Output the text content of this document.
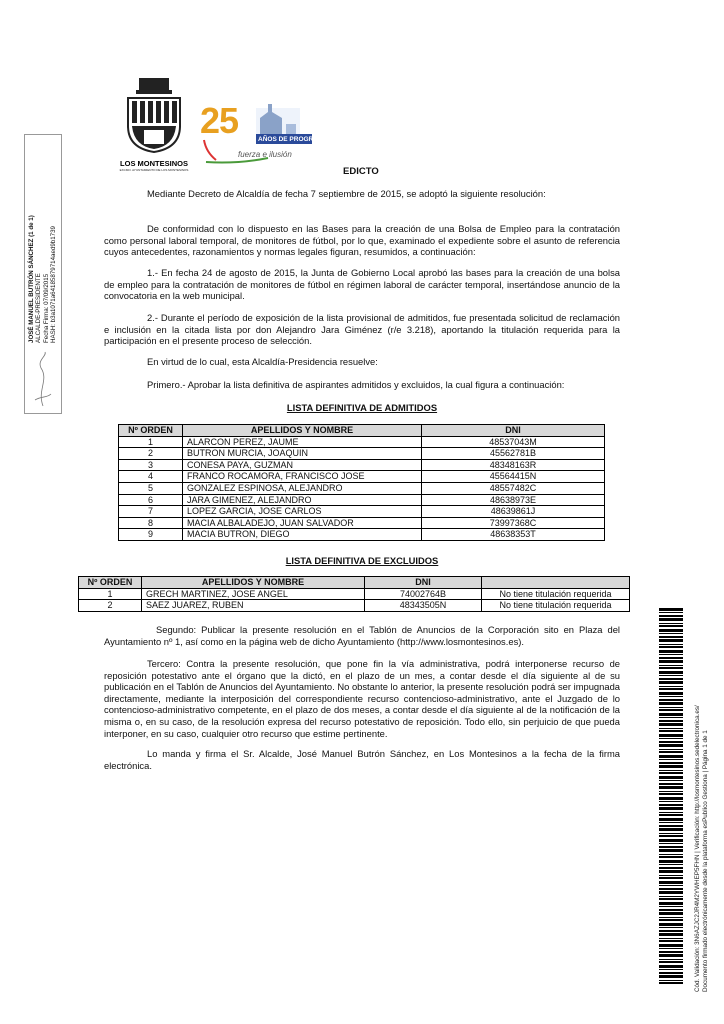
JOSÉ MANUEL BUTRÓN SÁNCHEZ (1 de 1) ALCALDE-PRESIDENTE Fecha Firma: 07/09/2015 HASH: b3a1071a64185879714aed9b1739
LOS MONTESINOS
EXCMO. AYUNTAMIENTO DE LOS MONTESINOS
25	AÑOS DE PROGRESO
fuerza e ilusión
EDICTO

Mediante Decreto de Alcaldía de fecha 7 septiembre de 2015, se adoptó la siguiente resolución:

De conformidad con lo dispuesto en las Bases para la creación de una Bolsa de Empleo para la contratación como personal laboral temporal, de monitores de fútbol, por lo que, examinado el expediente sobre el asunto de referencia cuyos antecedentes, razonamientos y normas legales figuran, resumidos, a continuación:

1.- En fecha 24 de agosto de 2015, la Junta de Gobierno Local aprobó las bases para la creación de una bolsa de empleo para la contratación de monitores de fútbol en régimen laboral de carácter temporal, insertándose anuncio de la convocatoria en la web municipal.

2.- Durante el período de exposición de la lista provisional de admitidos, fue presentada solicitud de reclamación e inclusión en la citada lista por don Alejandro Jara Giménez (r/e 3.218), aportando la titulación requerida para la participación en el presente proceso de selección.

En virtud de lo cual, esta Alcaldía-Presidencia resuelve:

Primero.- Aprobar la lista definitiva de aspirantes admitidos y excluidos, la cual figura a continuación:

LISTA DEFINITIVA DE ADMITIDOS
Nº ORDEN	APELLIDOS Y NOMBRE	DNI
1	ALARCON PEREZ, JAUME	48537043M
2	BUTRON MURCIA, JOAQUIN	45562781B
3	CONESA PAYA, GUZMAN	48348163R
4	FRANCO ROCAMORA, FRANCISCO JOSE	45564415N
5	GONZALEZ ESPINOSA, ALEJANDRO	48557482C
6	JARA GIMENEZ, ALEJANDRO	48638973E
7	LOPEZ GARCIA, JOSE CARLOS	48639861J
8	MACIA ALBALADEJO, JUAN SALVADOR	73997368C
9	MACIA BUTRON, DIEGO	48638353T
LISTA DEFINITIVA DE EXCLUIDOS
Nº ORDEN	APELLIDOS Y NOMBRE	DNI	
1	GRECH MARTINEZ, JOSE ANGEL	74002764B	No tiene titulación requerida
2	SAEZ JUAREZ, RUBEN	48343505N	No tiene titulación requerida

Segundo: Publicar la presente resolución en el Tablón de Anuncios de la Corporación sito en Plaza del Ayuntamiento nº 1, así como en la página web de dicho Ayuntamiento (http://www.losmontesinos.es).

Tercero: Contra la presente resolución, que pone fin la vía administrativa, podrá interponerse recurso de reposición potestativo ante el órgano que la dictó, en el plazo de un mes, a contar desde el día siguiente al de su publicación en el Tablón de Anuncios del Ayuntamiento. No obstante lo anterior, la presente resolución podrá ser impugnada directamente, mediante la interposición del correspondiente recurso contencioso-administrativo, ante el Juzgado de lo contencioso-administrativo competente, en el plazo de dos meses, a contar desde el día siguiente al de la notificación de la misma o, en su caso, de la resolución expresa del recurso potestativo de reposición. Todo ello, sin perjuicio de que pueda interponer, en su caso, cualquier otro recurso que estime pertinente.

Lo manda y firma el Sr. Alcalde, José Manuel Butrón Sánchez, en Los Montesinos a la fecha de la firma electrónica.	Cód. Validación: 3N6AZJC2JR4M2YWHEP5FHN | Verificación: http://losmontesinos.sedelectronica.es/ Documento firmado electrónicamente desde la plataforma esPublico Gestiona | Página 1 de 1
